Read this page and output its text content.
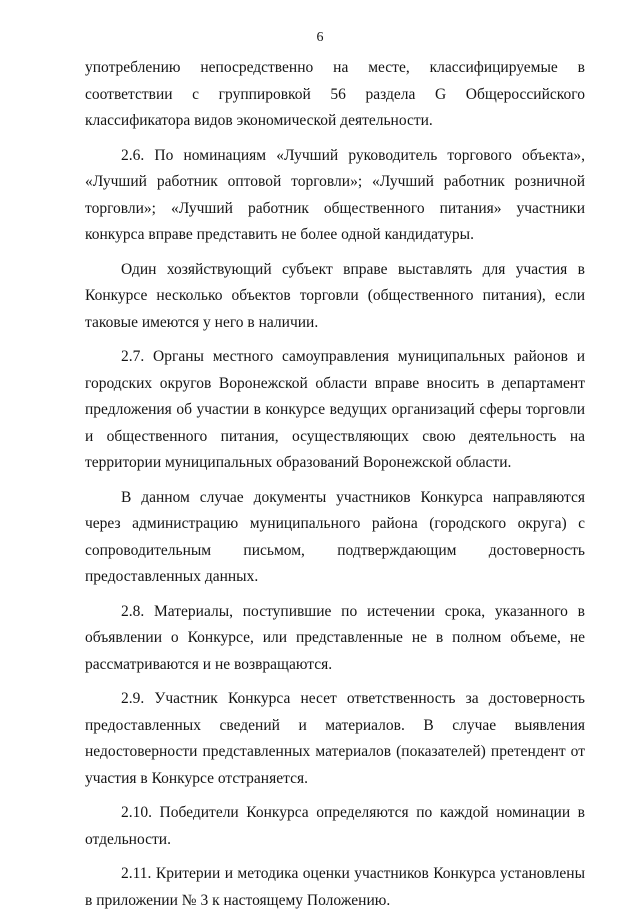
6

употреблению непосредственно на месте, классифицируемые в соответствии с группировкой 56 раздела G Общероссийского классификатора видов экономической деятельности.

2.6. По номинациям «Лучший руководитель торгового объекта», «Лучший работник оптовой торговли»; «Лучший работник розничной торговли»; «Лучший работник общественного питания» участники конкурса вправе представить не более одной кандидатуры.

Один хозяйствующий субъект вправе выставлять для участия в Конкурсе несколько объектов торговли (общественного питания), если таковые имеются у него в наличии.

2.7. Органы местного самоуправления муниципальных районов и городских округов Воронежской области вправе вносить в департамент предложения об участии в конкурсе ведущих организаций сферы торговли и общественного питания, осуществляющих свою деятельность на территории муниципальных образований Воронежской области.

В данном случае документы участников Конкурса направляются через администрацию муниципального района (городского округа) с сопроводительным письмом, подтверждающим достоверность предоставленных данных.

2.8. Материалы, поступившие по истечении срока, указанного в объявлении о Конкурсе, или представленные не в полном объеме, не рассматриваются и не возвращаются.

2.9. Участник Конкурса несет ответственность за достоверность предоставленных сведений и материалов. В случае выявления недостоверности представленных материалов (показателей) претендент от участия в Конкурсе отстраняется.

2.10. Победители Конкурса определяются по каждой номинации в отдельности.

2.11. Критерии и методика оценки участников Конкурса установлены в приложении № 3 к настоящему Положению.
